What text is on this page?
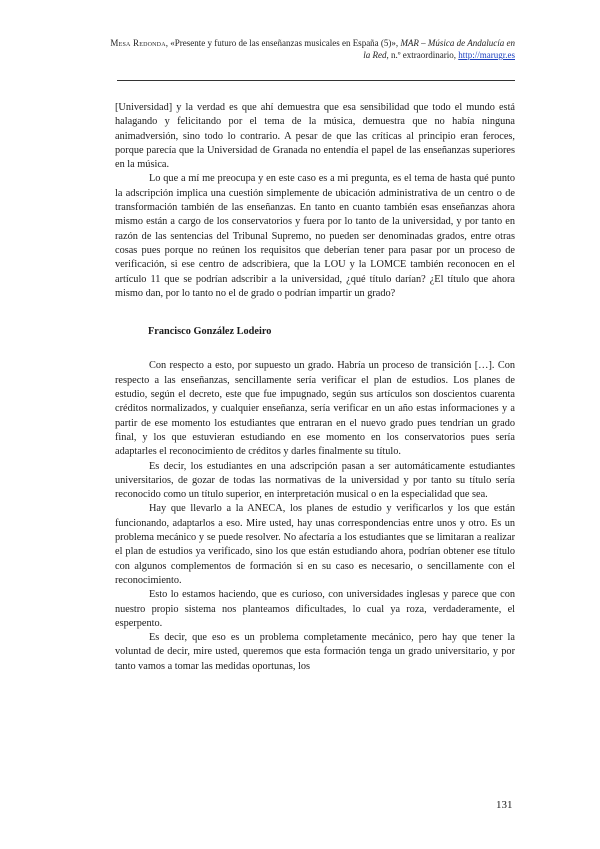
Mesa Redonda, «Presente y futuro de las enseñanzas musicales en España (5)», MAR – Música de Andalucía en la Red, n.º extraordinario, http://marugr.es

[Universidad] y la verdad es que ahí demuestra que esa sensibilidad que todo el mundo está halagando y felicitando por el tema de la música, demuestra que no había ninguna animadversión, sino todo lo contrario. A pesar de que las críticas al principio eran feroces, porque parecía que la Universidad de Granada no entendía el papel de las enseñanzas superiores en la música.

Lo que a mí me preocupa y en este caso es a mi pregunta, es el tema de hasta qué punto la adscripción implica una cuestión simplemente de ubicación administrativa de un centro o de transformación también de las enseñanzas. En tanto en cuanto también esas enseñanzas ahora mismo están a cargo de los conservatorios y fuera por lo tanto de la universidad, y por tanto en razón de las sentencias del Tribunal Supremo, no pueden ser denominadas grados, entre otras cosas pues porque no reúnen los requisitos que deberían tener para pasar por un proceso de verificación, si ese centro de adscribiera, que la LOU y la LOMCE también reconocen en el artículo 11 que se podrían adscribir a la universidad, ¿qué título darían? ¿El título que ahora mismo dan, por lo tanto no el de grado o podrían impartir un grado?

Francisco González Lodeiro

Con respecto a esto, por supuesto un grado. Habría un proceso de transición […]. Con respecto a las enseñanzas, sencillamente sería verificar el plan de estudios. Los planes de estudio, según el decreto, este que fue impugnado, según sus artículos son doscientos cuarenta créditos normalizados, y cualquier enseñanza, sería verificar en un año estas informaciones y a partir de ese momento los estudiantes que entraran en el nuevo grado pues tendrían un grado final, y los que estuvieran estudiando en ese momento en los conservatorios pues sería adaptarles el reconocimiento de créditos y darles finalmente su título.

Es decir, los estudiantes en una adscripción pasan a ser automáticamente estudiantes universitarios, de gozar de todas las normativas de la universidad y por tanto su título sería reconocido como un título superior, en interpretación musical o en la especialidad que sea.

Hay que llevarlo a la ANECA, los planes de estudio y verificarlos y los que están funcionando, adaptarlos a eso. Mire usted, hay unas correspondencias entre unos y otro. Es un problema mecánico y se puede resolver. No afectaría a los estudiantes que se limitaran a realizar el plan de estudios ya verificado, sino los que están estudiando ahora, podrían obtener ese título con algunos complementos de formación si en su caso es necesario, o sencillamente con el reconocimiento.

Esto lo estamos haciendo, que es curioso, con universidades inglesas y parece que con nuestro propio sistema nos planteamos dificultades, lo cual ya roza, verdaderamente, el esperpento.

Es decir, que eso es un problema completamente mecánico, pero hay que tener la voluntad de decir, mire usted, queremos que esta formación tenga un grado universitario, y por tanto vamos a tomar las medidas oportunas, los

131
